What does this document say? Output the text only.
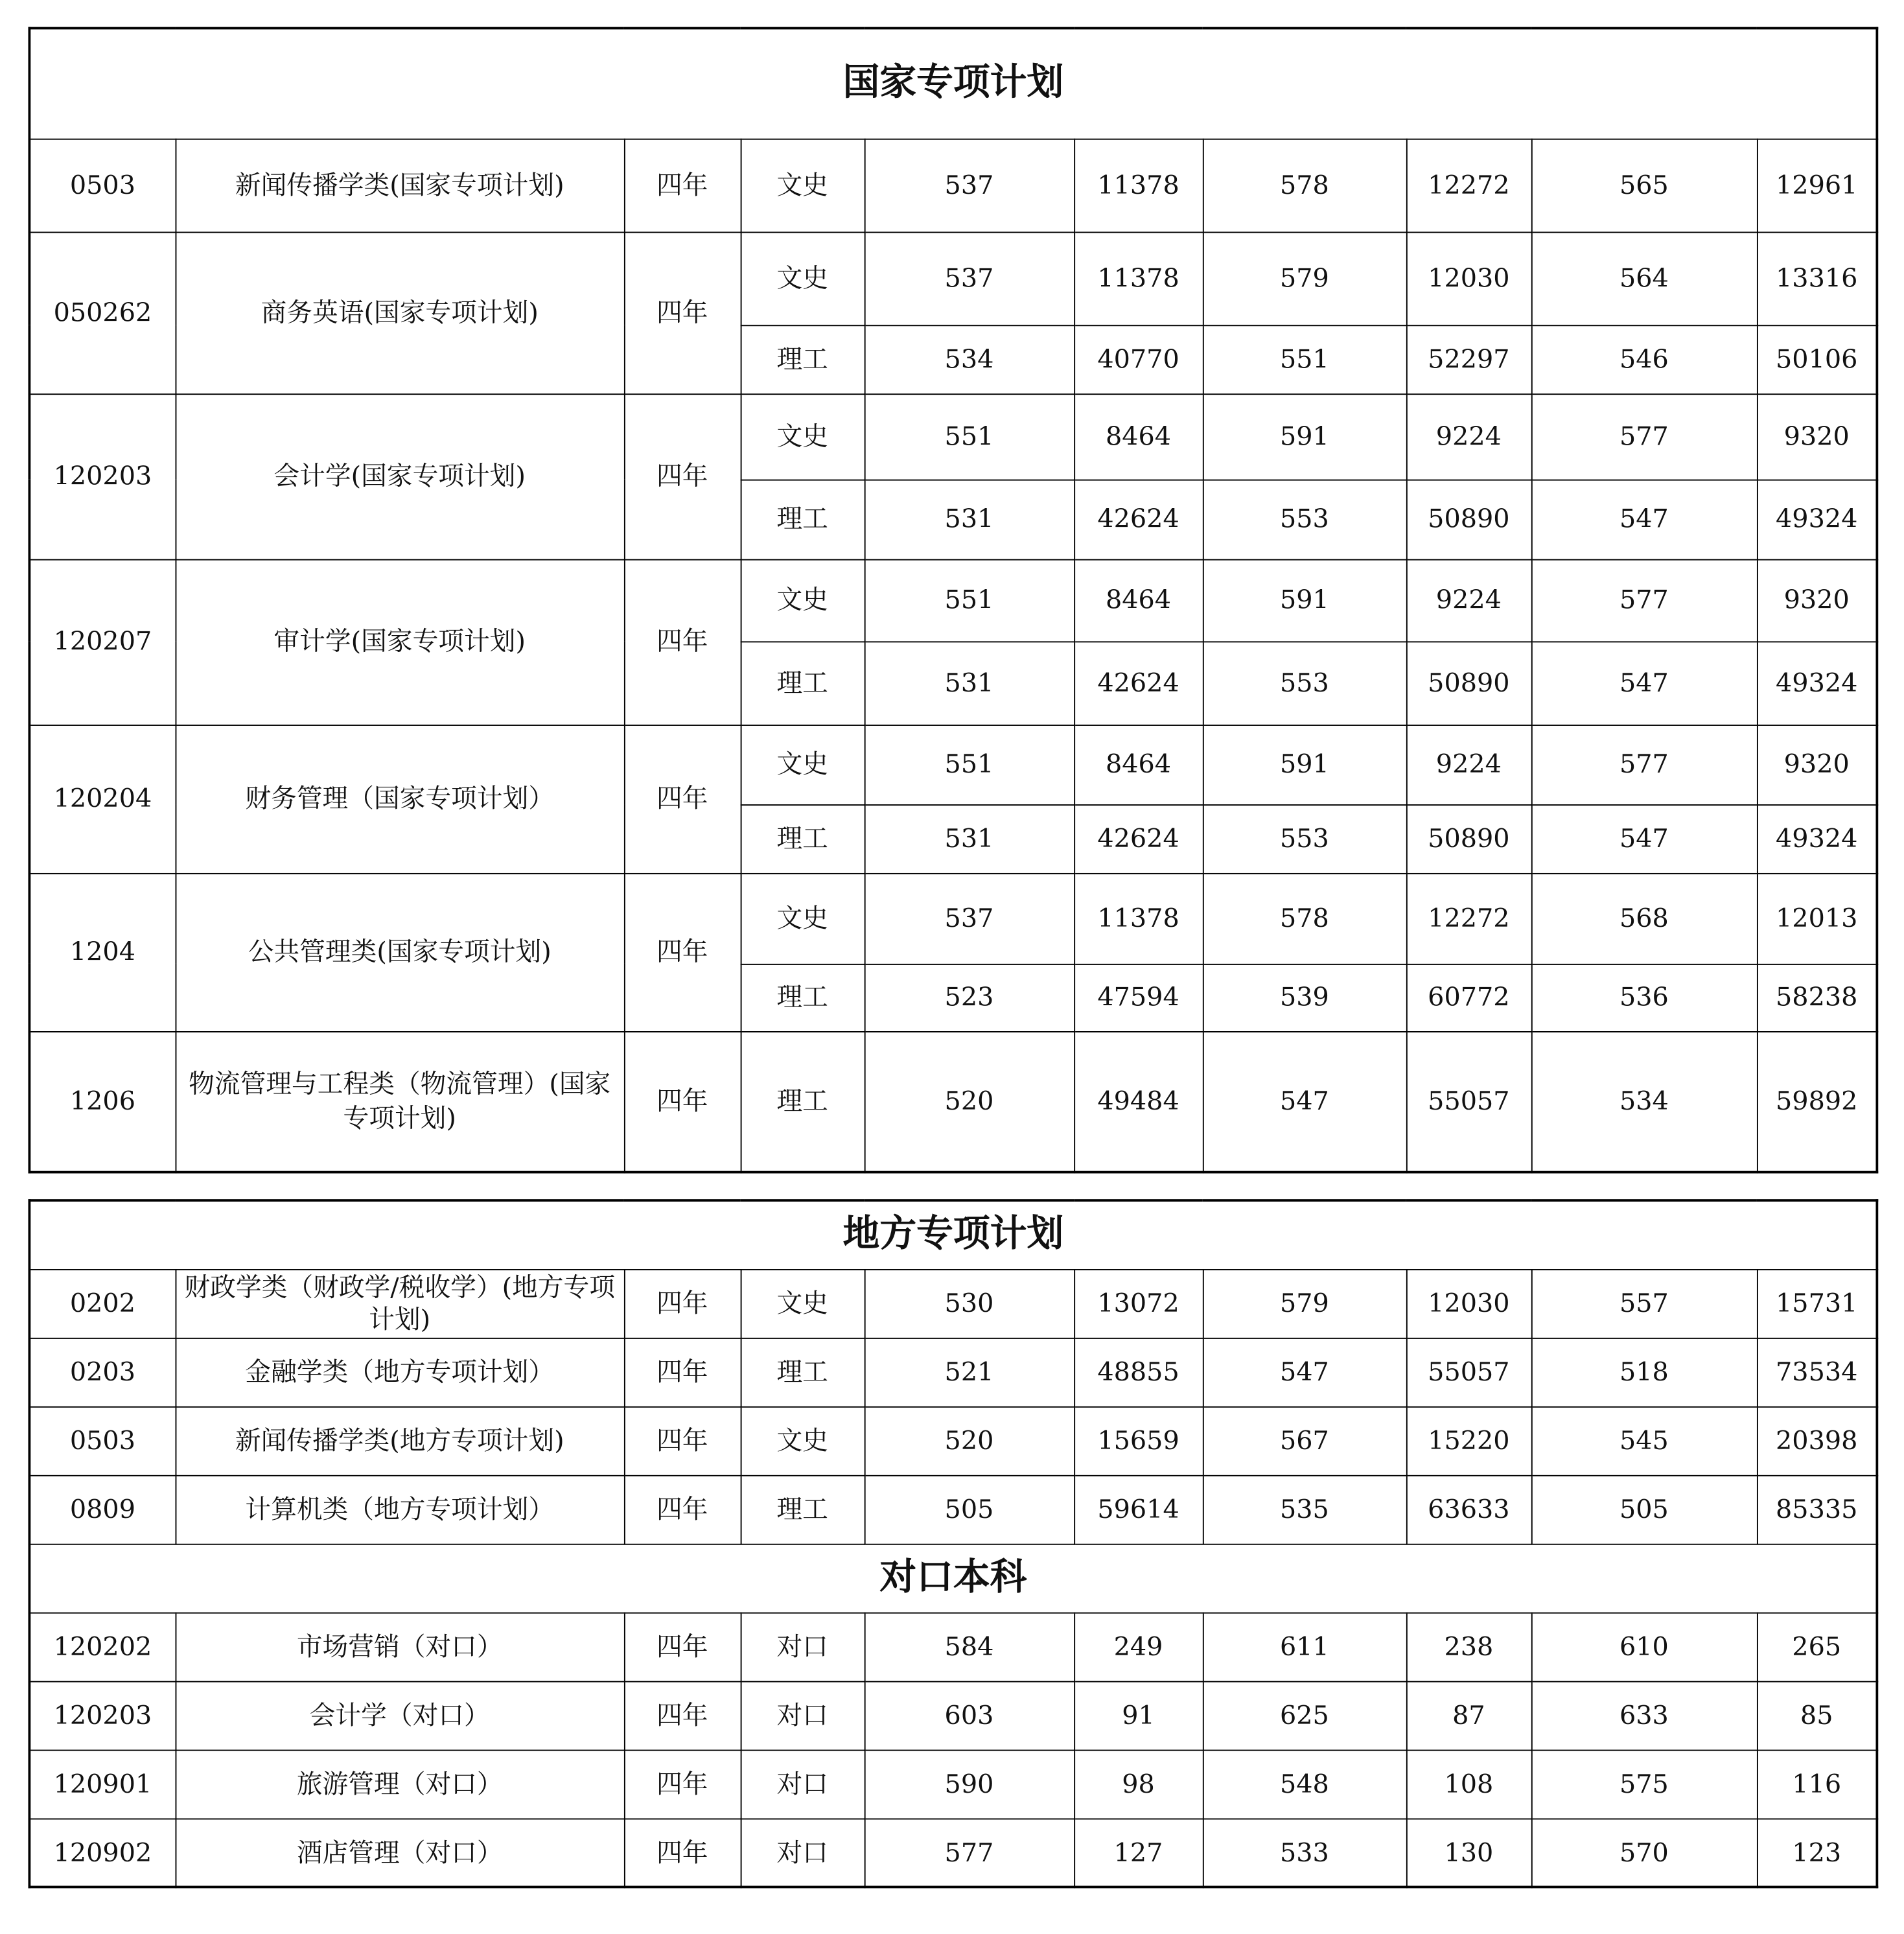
国家专项计划									
0503	新闻传播学类(国家专项计划)	四年	文史	537	11378	578	12272	565	12961
050262	商务英语(国家专项计划)	四年	文史	537	11378	579	12030	564	13316
			理工	534	40770	551	52297	546	50106
120203	会计学(国家专项计划)	四年	文史	551	8464	591	9224	577	9320
			理工	531	42624	553	50890	547	49324
120207	审计学(国家专项计划)	四年	文史	551	8464	591	9224	577	9320
			理工	531	42624	553	50890	547	49324
120204	财务管理（国家专项计划）	四年	文史	551	8464	591	9224	577	9320
			理工	531	42624	553	50890	547	49324
1204	公共管理类(国家专项计划)	四年	文史	537	11378	578	12272	568	12013
			理工	523	47594	539	60772	536	58238
1206	物流管理与工程类（物流管理）(国家专项计划)	四年	理工	520	49484	547	55057	534	59892
地方专项计划									
0202	财政学类（财政学/税收学）(地方专项计划)	四年	文史	530	13072	579	12030	557	15731
0203	金融学类（地方专项计划）	四年	理工	521	48855	547	55057	518	73534
0503	新闻传播学类(地方专项计划)	四年	文史	520	15659	567	15220	545	20398
0809	计算机类（地方专项计划）	四年	理工	505	59614	535	63633	505	85335
对口本科									
120202	市场营销（对口）	四年	对口	584	249	611	238	610	265
120203	会计学（对口）	四年	对口	603	91	625	87	633	85
120901	旅游管理（对口）	四年	对口	590	98	548	108	575	116
120902	酒店管理（对口）	四年	对口	577	127	533	130	570	123
